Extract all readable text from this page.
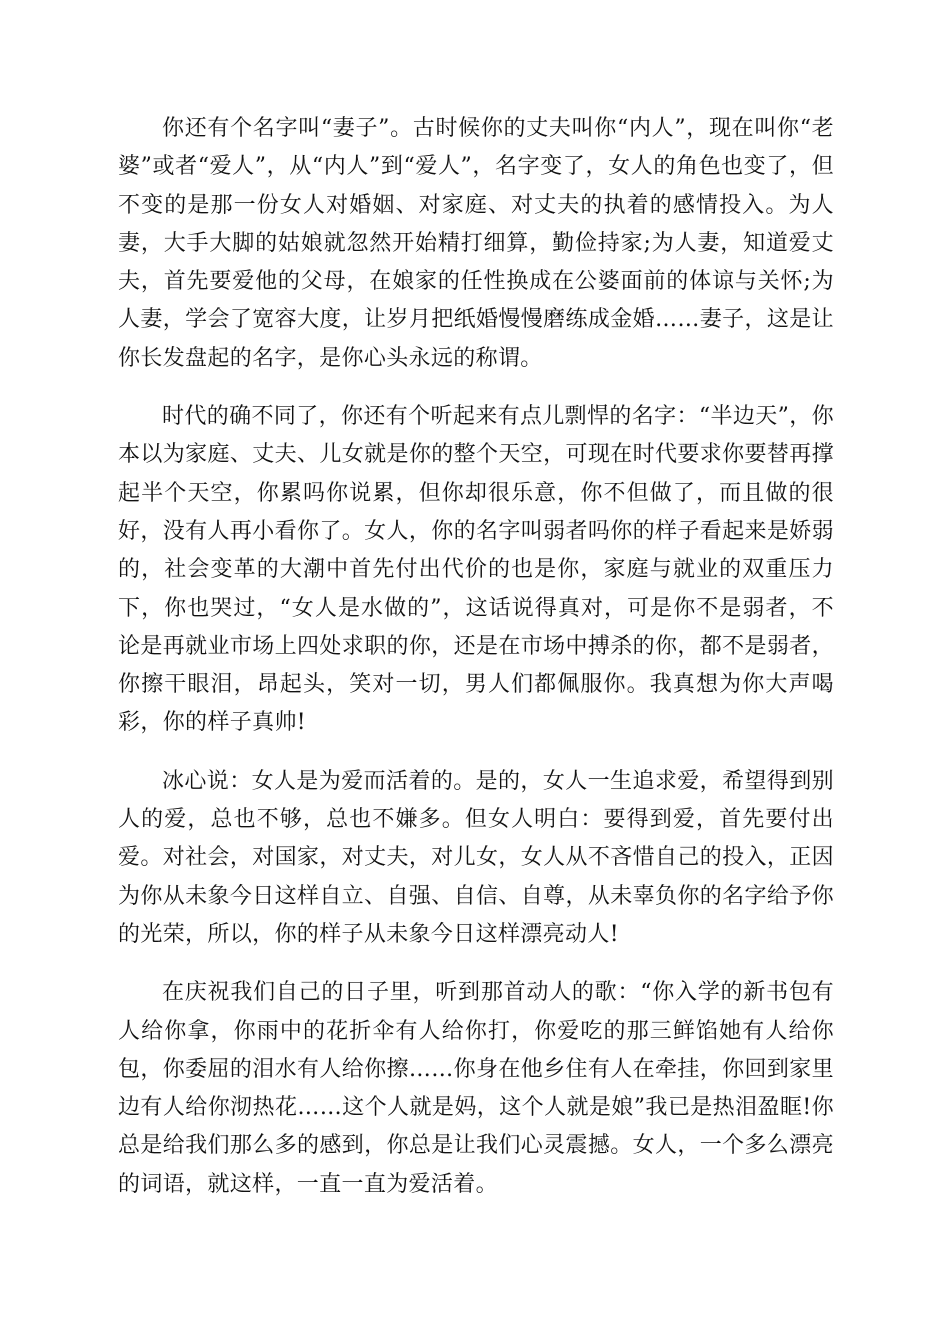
你还有个名字叫“妻子”。古时候你的丈夫叫你“内人”，现在叫你“老婆”或者“爱人”，从“内人”到“爱人”，名字变了，女人的角色也变了，但不变的是那一份女人对婚姻、对家庭、对丈夫的执着的感情投入。为人妻，大手大脚的姑娘就忽然开始精打细算，勤俭持家;为人妻，知道爱丈夫，首先要爱他的父母，在娘家的任性换成在公婆面前的体谅与关怀;为人妻，学会了宽容大度，让岁月把纸婚慢慢磨练成金婚……妻子，这是让你长发盘起的名字，是你心头永远的称谓。

时代的确不同了，你还有个听起来有点儿剽悍的名字：“半边天”，你本以为家庭、丈夫、儿女就是你的整个天空，可现在时代要求你要替再撑起半个天空，你累吗你说累，但你却很乐意，你不但做了，而且做的很好，没有人再小看你了。女人，你的名字叫弱者吗你的样子看起来是娇弱的，社会变革的大潮中首先付出代价的也是你，家庭与就业的双重压力下，你也哭过，“女人是水做的”，这话说得真对，可是你不是弱者，不论是再就业市场上四处求职的你，还是在市场中搏杀的你，都不是弱者，你擦干眼泪，昂起头，笑对一切，男人们都佩服你。我真想为你大声喝彩，你的样子真帅!

冰心说：女人是为爱而活着的。是的，女人一生追求爱，希望得到别人的爱，总也不够，总也不嫌多。但女人明白：要得到爱，首先要付出爱。对社会，对国家，对丈夫，对儿女，女人从不吝惜自己的投入，正因为你从未象今日这样自立、自强、自信、自尊，从未辜负你的名字给予你的光荣，所以，你的样子从未象今日这样漂亮动人!

在庆祝我们自己的日子里，听到那首动人的歌：“你入学的新书包有人给你拿，你雨中的花折伞有人给你打，你爱吃的那三鲜馅她有人给你包，你委屈的泪水有人给你擦……你身在他乡住有人在牵挂，你回到家里边有人给你沏热花……这个人就是妈，这个人就是娘”我已是热泪盈眶!你总是给我们那么多的感到，你总是让我们心灵震撼。女人，一个多么漂亮的词语，就这样，一直一直为爱活着。
